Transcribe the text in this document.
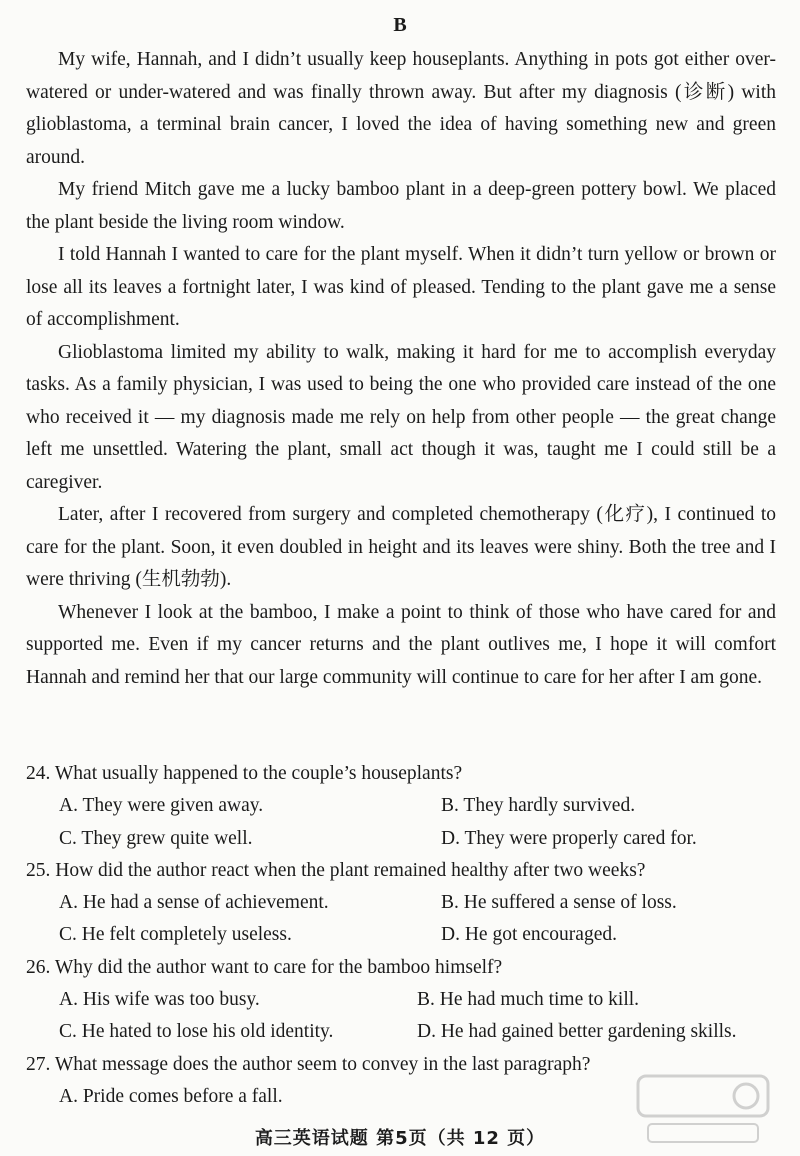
B

My wife, Hannah, and I didn’t usually keep houseplants. Anything in pots got either over-watered or under-watered and was finally thrown away. But after my diagnosis (诊断) with glioblastoma, a terminal brain cancer, I loved the idea of having something new and green around.

My friend Mitch gave me a lucky bamboo plant in a deep-green pottery bowl. We placed the plant beside the living room window.

I told Hannah I wanted to care for the plant myself. When it didn’t turn yellow or brown or lose all its leaves a fortnight later, I was kind of pleased. Tending to the plant gave me a sense of accomplishment.

Glioblastoma limited my ability to walk, making it hard for me to accomplish everyday tasks. As a family physician, I was used to being the one who provided care instead of the one who received it — my diagnosis made me rely on help from other people — the great change left me unsettled. Watering the plant, small act though it was, taught me I could still be a caregiver.

Later, after I recovered from surgery and completed chemotherapy (化疗), I continued to care for the plant. Soon, it even doubled in height and its leaves were shiny. Both the tree and I were thriving (生机勃勃).

Whenever I look at the bamboo, I make a point to think of those who have cared for and supported me. Even if my cancer returns and the plant outlives me, I hope it will comfort Hannah and remind her that our large community will continue to care for her after I am gone.

24. What usually happened to the couple’s houseplants?
A. They were given away.	B. They hardly survived.
C. They grew quite well.	D. They were properly cared for.
25. How did the author react when the plant remained healthy after two weeks?
A. He had a sense of achievement.	B. He suffered a sense of loss.
C. He felt completely useless.	D. He got encouraged.
26. Why did the author want to care for the bamboo himself?
A. His wife was too busy.	B. He had much time to kill.
C. He hated to lose his old identity.	D. He had gained better gardening skills.
27. What message does the author seem to convey in the last paragraph?
A. Pride comes before a fall.
高三英语试题 第5页（共 12 页）
